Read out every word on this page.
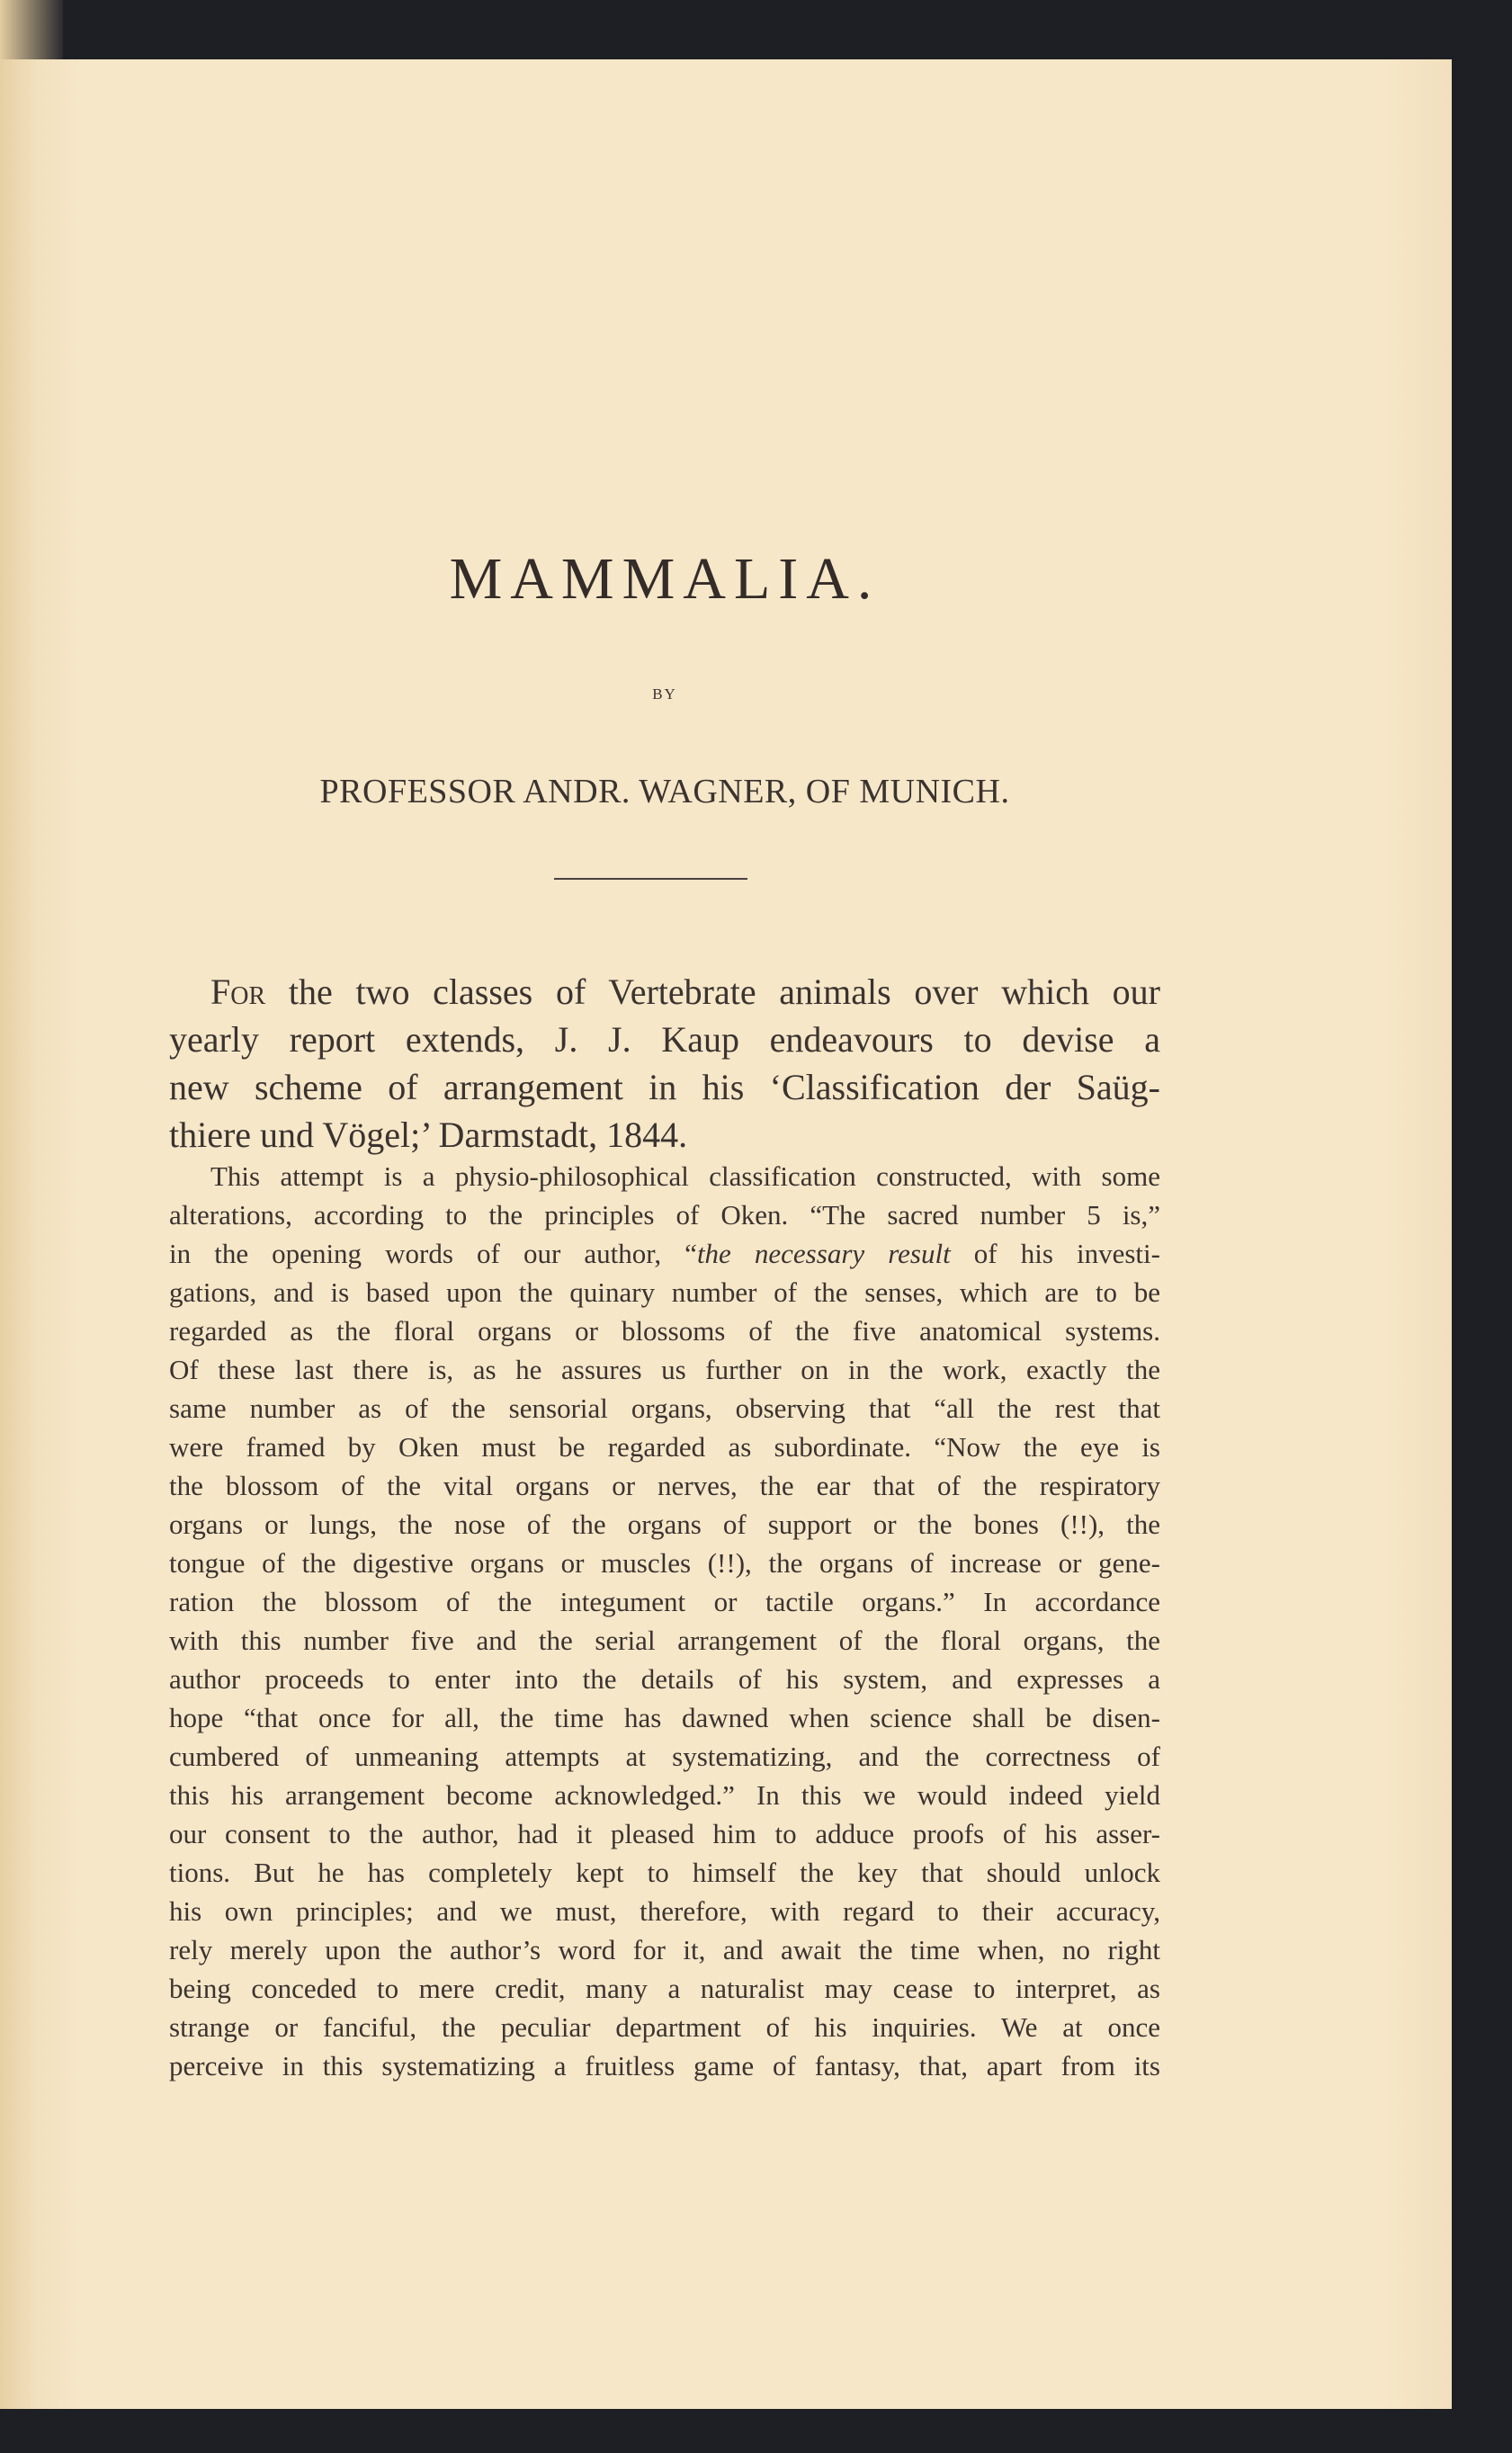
MAMMALIA.
BY
PROFESSOR ANDR. WAGNER, OF MUNICH.
For the two classes of Vertebrate animals over which our
yearly report extends, J. J. Kaup endeavours to devise a
new scheme of arrangement in his ‘Classification der Saüg-
thiere und Vögel;’ Darmstadt, 1844.
This attempt is a physio-philosophical classification constructed, with some
alterations, according to the principles of Oken. “The sacred number 5 is,”
in the opening words of our author, “the necessary result of his investi-
gations, and is based upon the quinary number of the senses, which are to be
regarded as the floral organs or blossoms of the five anatomical systems.
Of these last there is, as he assures us further on in the work, exactly the
same number as of the sensorial organs, observing that “all the rest that
were framed by Oken must be regarded as subordinate. “Now the eye is
the blossom of the vital organs or nerves, the ear that of the respiratory
organs or lungs, the nose of the organs of support or the bones (!!), the
tongue of the digestive organs or muscles (!!), the organs of increase or gene-
ration the blossom of the integument or tactile organs.” In accordance
with this number five and the serial arrangement of the floral organs, the
author proceeds to enter into the details of his system, and expresses a
hope “that once for all, the time has dawned when science shall be disen-
cumbered of unmeaning attempts at systematizing, and the correctness of
this his arrangement become acknowledged.” In this we would indeed yield
our consent to the author, had it pleased him to adduce proofs of his asser-
tions. But he has completely kept to himself the key that should unlock
his own principles; and we must, therefore, with regard to their accuracy,
rely merely upon the author’s word for it, and await the time when, no right
being conceded to mere credit, many a naturalist may cease to interpret, as
strange or fanciful, the peculiar department of his inquiries. We at once
perceive in this systematizing a fruitless game of fantasy, that, apart from its
